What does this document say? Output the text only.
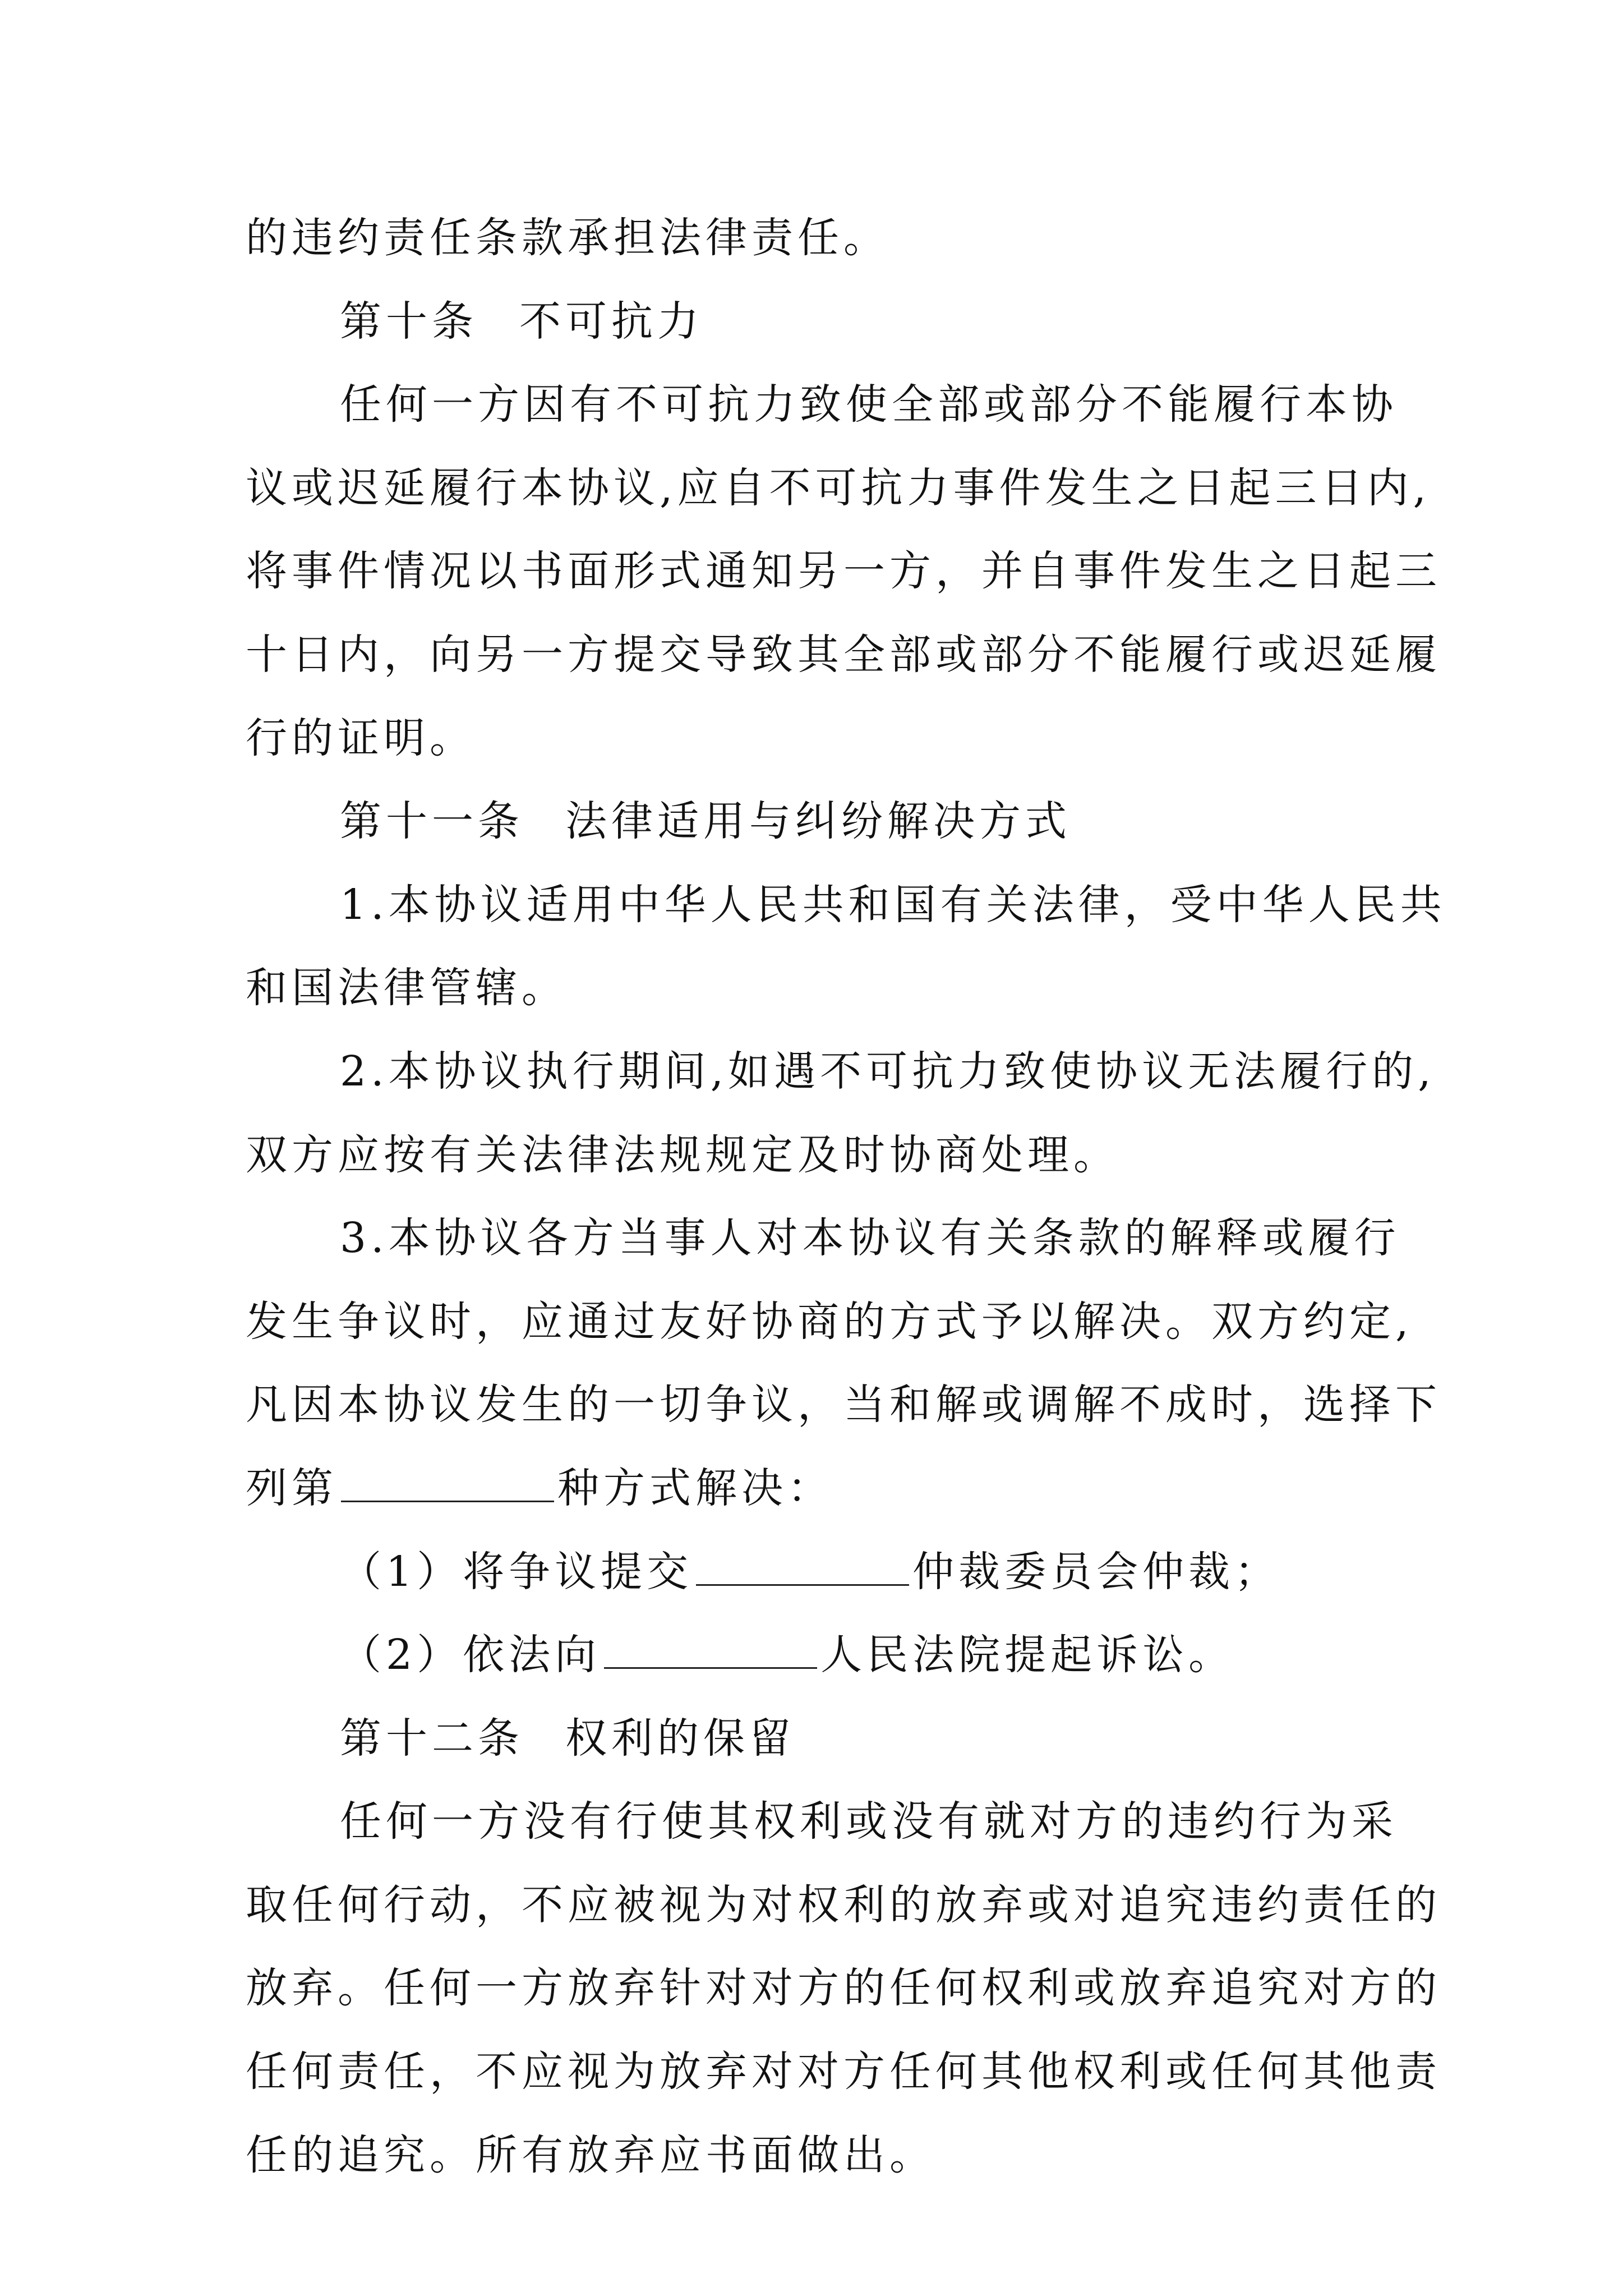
的违约责任条款承担法律责任。
第十条 不可抗力
任何一方因有不可抗力致使全部或部分不能履行本协
议或迟延履行本协议,应自不可抗力事件发生之日起三日内,
将事件情况以书面形式通知另一方，并自事件发生之日起三
十日内，向另一方提交导致其全部或部分不能履行或迟延履
行的证明。
第十一条 法律适用与纠纷解决方式
1.本协议适用中华人民共和国有关法律，受中华人民共
和国法律管辖。
2.本协议执行期间,如遇不可抗力致使协议无法履行的,
双方应按有关法律法规规定及时协商处理。
3.本协议各方当事人对本协议有关条款的解释或履行
发生争议时，应通过友好协商的方式予以解决。双方约定,
凡因本协议发生的一切争议，当和解或调解不成时，选择下
列第	种方式解决：
（1）将争议提交	仲裁委员会仲裁；
（2）依法向	人民法院提起诉讼。
第十二条 权利的保留
任何一方没有行使其权利或没有就对方的违约行为采
取任何行动，不应被视为对权利的放弃或对追究违约责任的
放弃。任何一方放弃针对对方的任何权利或放弃追究对方的
任何责任，不应视为放弃对对方任何其他权利或任何其他责
任的追究。所有放弃应书面做出。
